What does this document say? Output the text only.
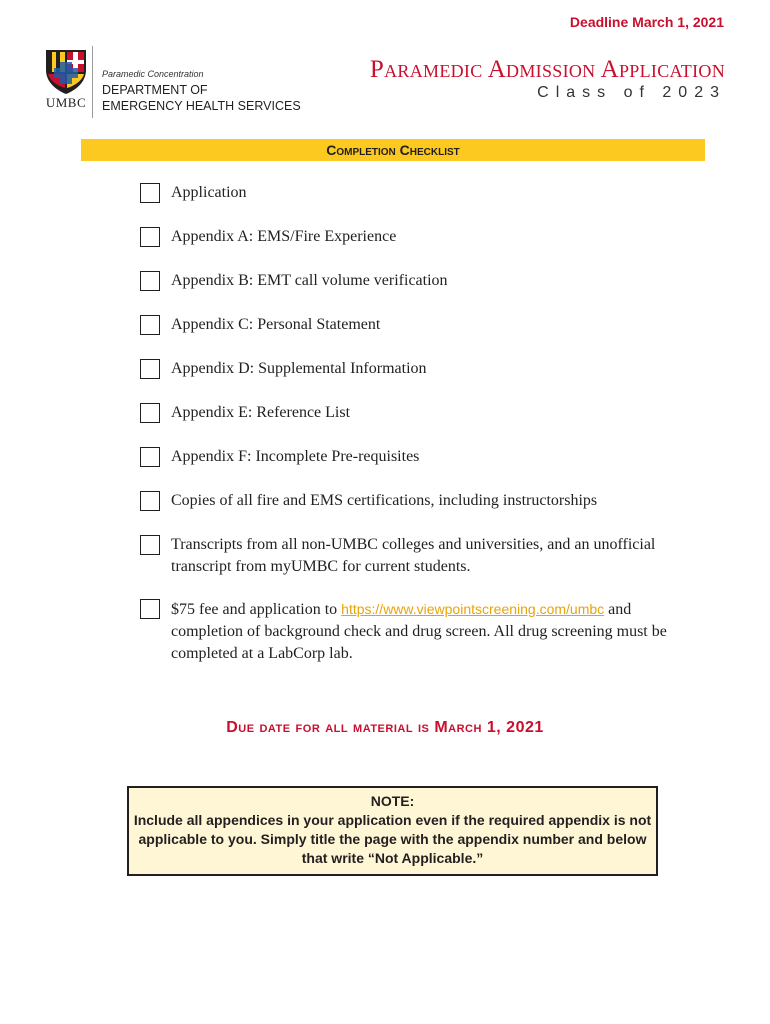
Deadline March 1, 2021
UMBC
Paramedic Concentration
DEPARTMENT OF
EMERGENCY HEALTH SERVICES
Paramedic Admission Application
Class of 2023
Completion Checklist
Application
Appendix A: EMS/Fire Experience
Appendix B: EMT call volume verification
Appendix C: Personal Statement
Appendix D: Supplemental Information
Appendix E: Reference List
Appendix F: Incomplete Pre-requisites
Copies of all fire and EMS certifications, including instructorships
Transcripts from all non-UMBC colleges and universities, and an unofficial transcript from myUMBC for current students.
$75 fee and application to https://www.viewpointscreening.com/umbc and completion of background check and drug screen. All drug screening must be completed at a LabCorp lab.
Due date for all material is March 1, 2021
NOTE:
Include all appendices in your application even if the required appendix is not applicable to you. Simply title the page with the appendix number and below that write “Not Applicable.”
